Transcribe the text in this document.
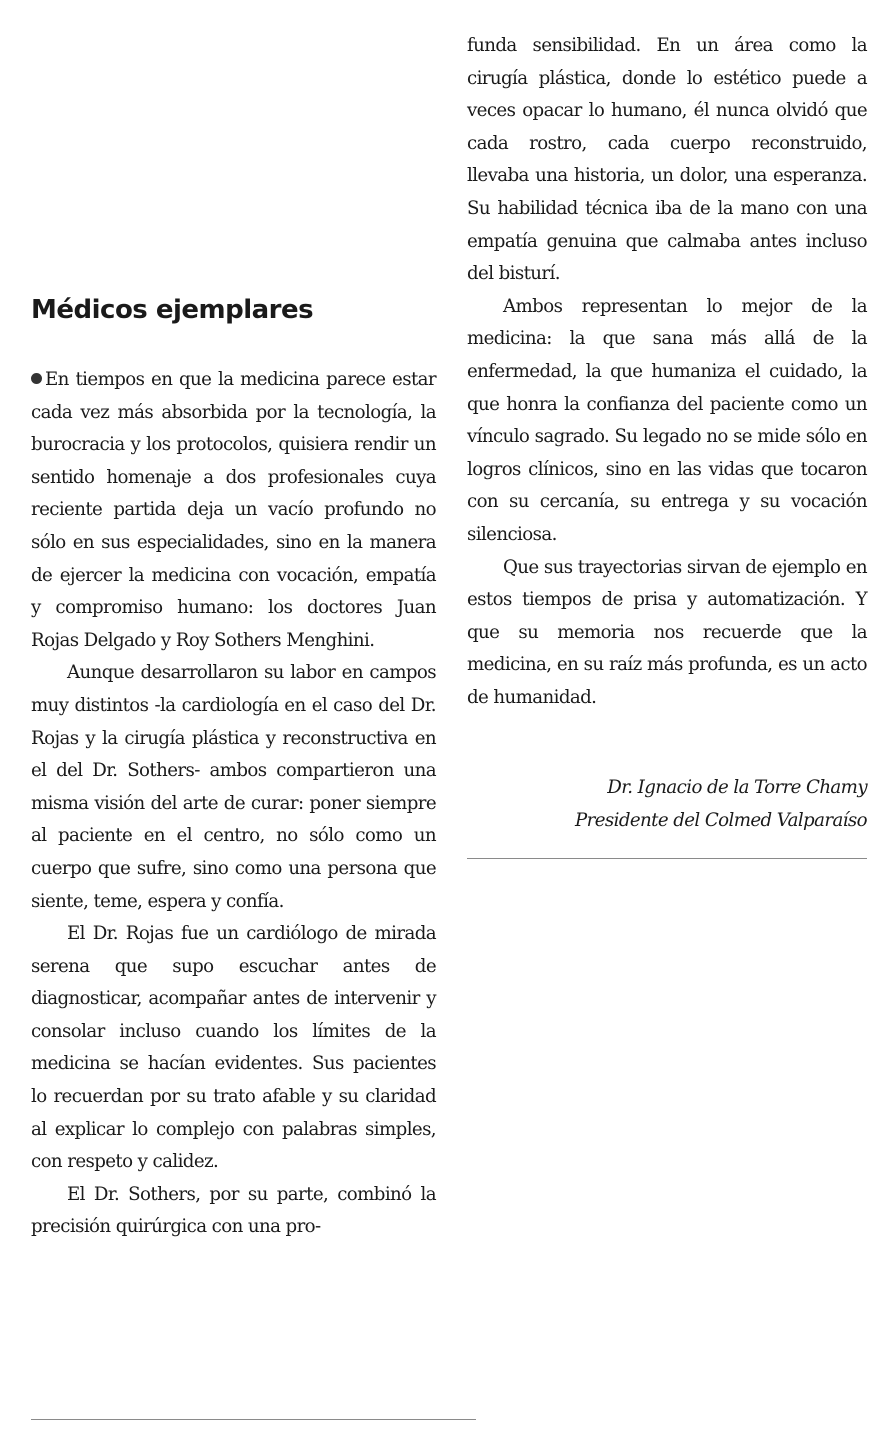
Médicos ejemplares

En tiempos en que la medicina parece estar cada vez más absorbida por la tecnología, la burocracia y los protocolos, quisiera rendir un sentido homenaje a dos profesionales cuya reciente partida deja un vacío profundo no sólo en sus especialidades, sino en la manera de ejercer la medicina con vocación, empatía y compromiso humano: los doctores Juan Rojas Delgado y Roy Sothers Menghini.

Aunque desarrollaron su labor en campos muy distintos -la cardiología en el caso del Dr. Rojas y la cirugía plástica y reconstructiva en el del Dr. Sothers- ambos compartieron una misma visión del arte de curar: poner siempre al paciente en el centro, no sólo como un cuerpo que sufre, sino como una persona que siente, teme, espera y confía.

El Dr. Rojas fue un cardiólogo de mirada serena que supo escuchar antes de diagnosticar, acompañar antes de intervenir y consolar incluso cuando los límites de la medicina se hacían evidentes. Sus pacientes lo recuerdan por su trato afable y su claridad al explicar lo complejo con palabras simples, con respeto y calidez.

El Dr. Sothers, por su parte, combinó la precisión quirúrgica con una pro-

funda sensibilidad. En un área como la cirugía plástica, donde lo estético puede a veces opacar lo humano, él nunca olvidó que cada rostro, cada cuerpo reconstruido, llevaba una historia, un dolor, una esperanza. Su habilidad técnica iba de la mano con una empatía genuina que calmaba antes incluso del bisturí.

Ambos representan lo mejor de la medicina: la que sana más allá de la enfermedad, la que humaniza el cuidado, la que honra la confianza del paciente como un vínculo sagrado. Su legado no se mide sólo en logros clínicos, sino en las vidas que tocaron con su cercanía, su entrega y su vocación silenciosa.

Que sus trayectorias sirvan de ejemplo en estos tiempos de prisa y automatización. Y que su memoria nos recuerde que la medicina, en su raíz más profunda, es un acto de humanidad.

Dr. Ignacio de la Torre Chamy
Presidente del Colmed Valparaíso
